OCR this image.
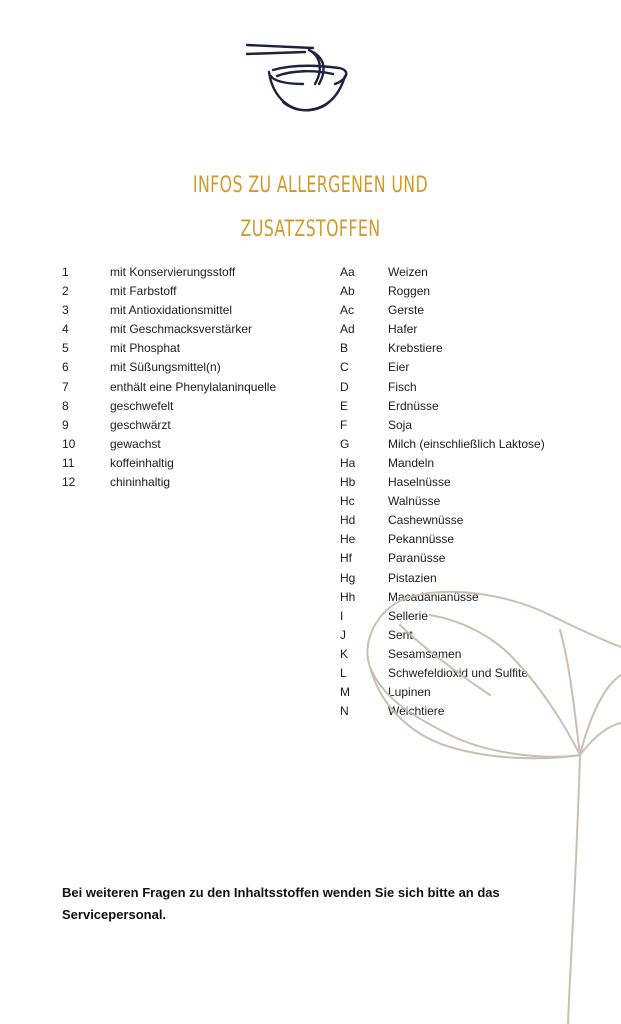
INFOS ZU ALLERGENEN UND
ZUSATZSTOFFEN
1	mit Konservierungsstoff
2	mit Farbstoff
3	mit Antioxidationsmittel
4	mit Geschmacksverstärker
5	mit Phosphat
6	mit Süßungsmittel(n)
7	enthält eine Phenylalaninquelle
8	geschwefelt
9	geschwärzt
10	gewachst
11	koffeinhaltig
12	chininhaltig
Aa	Weizen
Ab	Roggen
Ac	Gerste
Ad	Hafer
B	Krebstiere
C	Eier
D	Fisch
E	Erdnüsse
F	Soja
G	Milch (einschließlich Laktose)
Ha	Mandeln
Hb	Haselnüsse
Hc	Walnüsse
Hd	Cashewnüsse
He	Pekannüsse
Hf	Paranüsse
Hg	Pistazien
Hh	Macadanianüsse
I	Sellerie
J	Sent
K	Sesamsamen
L	Schwefeldioxid und Sulfite
M	Lupinen
N	Weichtiere
Bei weiteren Fragen zu den Inhaltsstoffen wenden Sie sich bitte an das Servicepersonal.
